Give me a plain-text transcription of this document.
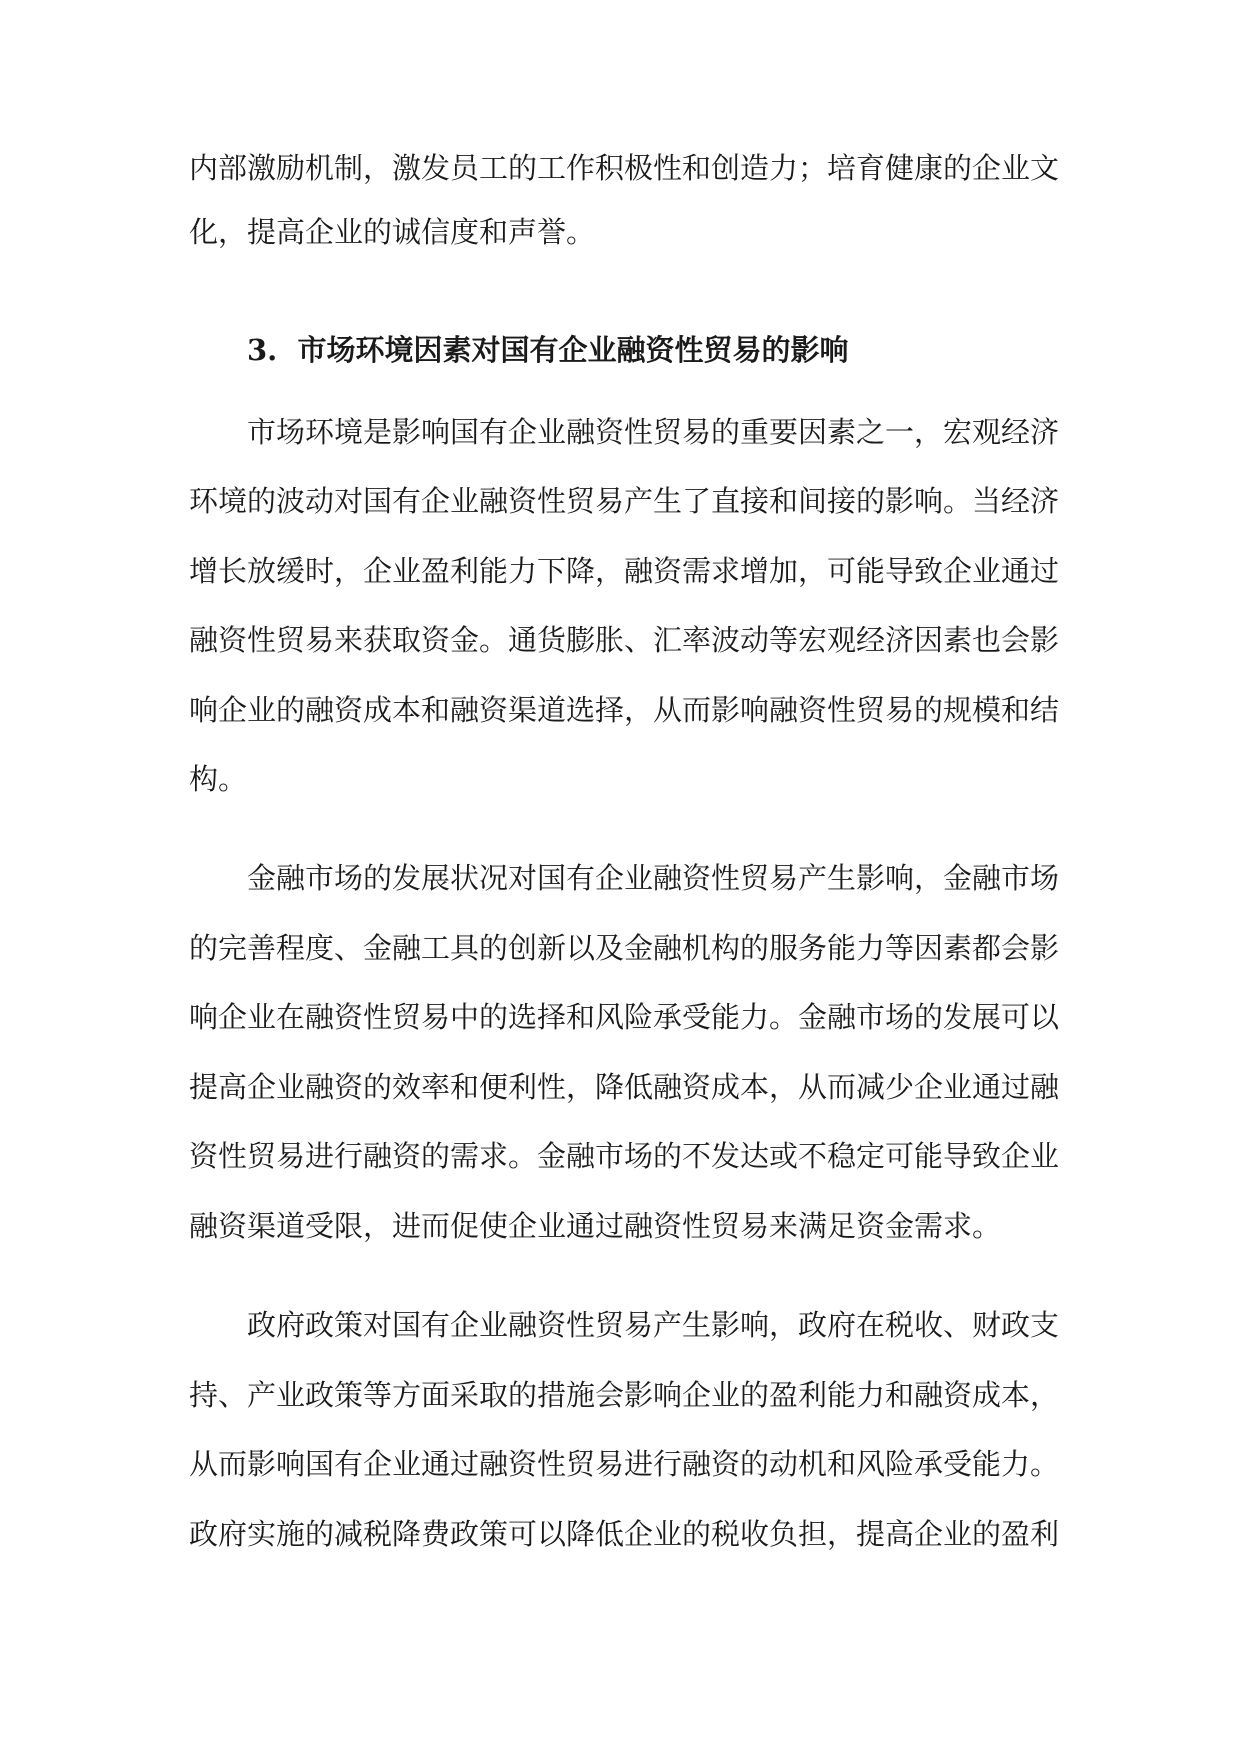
内部激励机制，激发员工的工作积极性和创造力；培育健康的企业文
化，提高企业的诚信度和声誉。
3. 市场环境因素对国有企业融资性贸易的影响
市场环境是影响国有企业融资性贸易的重要因素之一，宏观经济
环境的波动对国有企业融资性贸易产生了直接和间接的影响。当经济
增长放缓时，企业盈利能力下降，融资需求增加，可能导致企业通过
融资性贸易来获取资金。通货膨胀、汇率波动等宏观经济因素也会影
响企业的融资成本和融资渠道选择，从而影响融资性贸易的规模和结
构。
金融市场的发展状况对国有企业融资性贸易产生影响，金融市场
的完善程度、金融工具的创新以及金融机构的服务能力等因素都会影
响企业在融资性贸易中的选择和风险承受能力。金融市场的发展可以
提高企业融资的效率和便利性，降低融资成本，从而减少企业通过融
资性贸易进行融资的需求。金融市场的不发达或不稳定可能导致企业
融资渠道受限，进而促使企业通过融资性贸易来满足资金需求。
政府政策对国有企业融资性贸易产生影响，政府在税收、财政支
持、产业政策等方面采取的措施会影响企业的盈利能力和融资成本，
从而影响国有企业通过融资性贸易进行融资的动机和风险承受能力。
政府实施的减税降费政策可以降低企业的税收负担，提高企业的盈利
